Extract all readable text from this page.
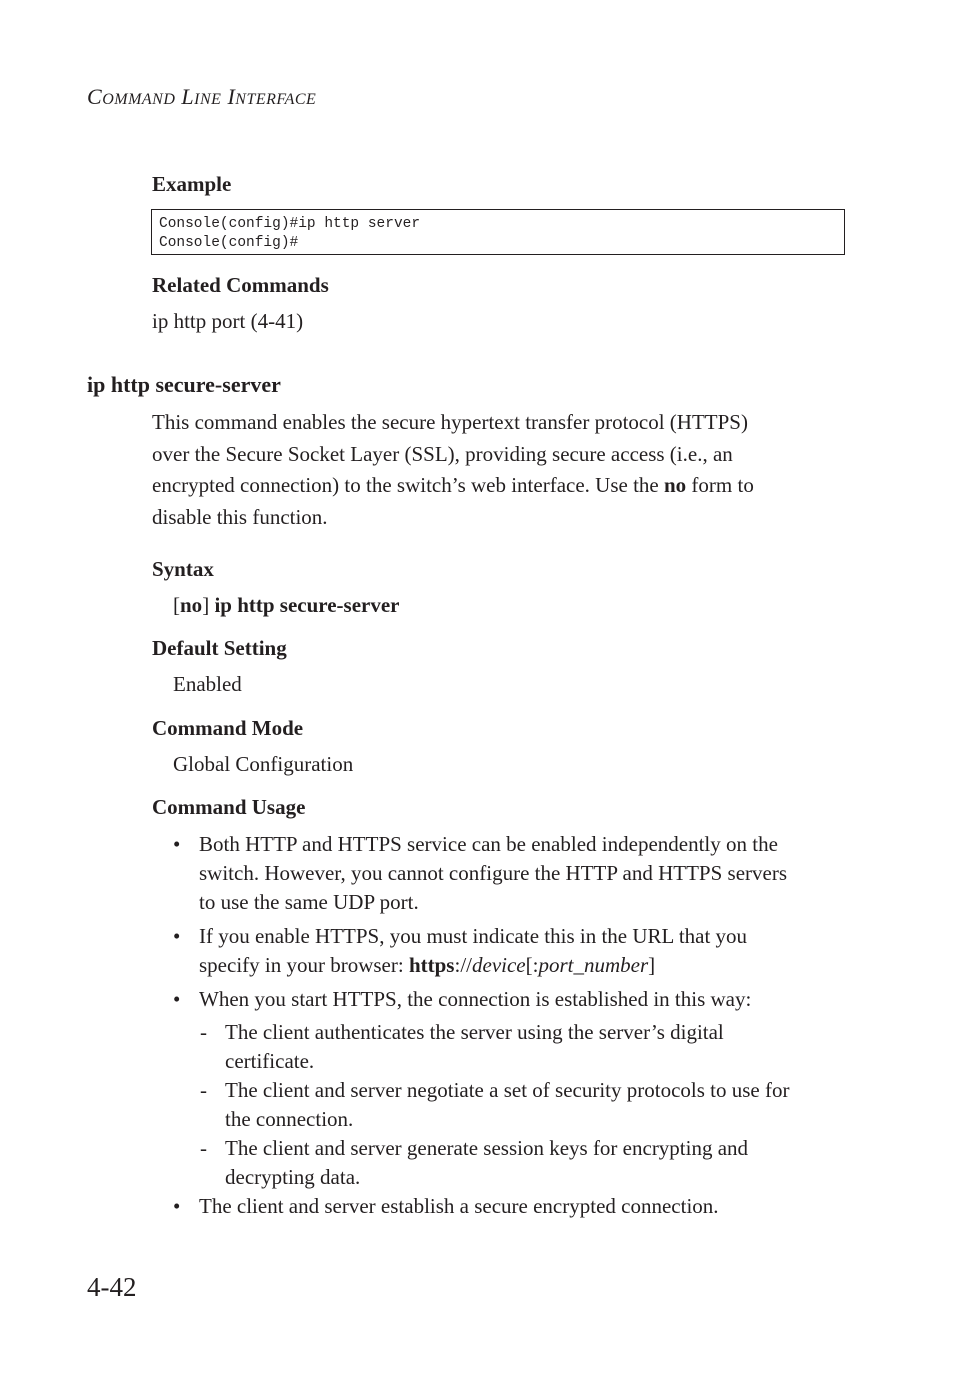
COMMAND LINE INTERFACE
Example
Console(config)#ip http server
Console(config)#
Related Commands
ip http port (4-41)
ip http secure-server
This command enables the secure hypertext transfer protocol (HTTPS)
over the Secure Socket Layer (SSL), providing secure access (i.e., an
encrypted connection) to the switch’s web interface. Use the no form to
disable this function.
Syntax
[no] ip http secure-server
Default Setting
Enabled
Command Mode
Global Configuration
Command Usage
• Both HTTP and HTTPS service can be enabled independently on the
switch. However, you cannot configure the HTTP and HTTPS servers
to use the same UDP port.
• If you enable HTTPS, you must indicate this in the URL that you
specify in your browser: https://device[:port_number]
• When you start HTTPS, the connection is established in this way:
- The client authenticates the server using the server’s digital
certificate.
- The client and server negotiate a set of security protocols to use for
the connection.
- The client and server generate session keys for encrypting and
decrypting data.
• The client and server establish a secure encrypted connection.
4-42
